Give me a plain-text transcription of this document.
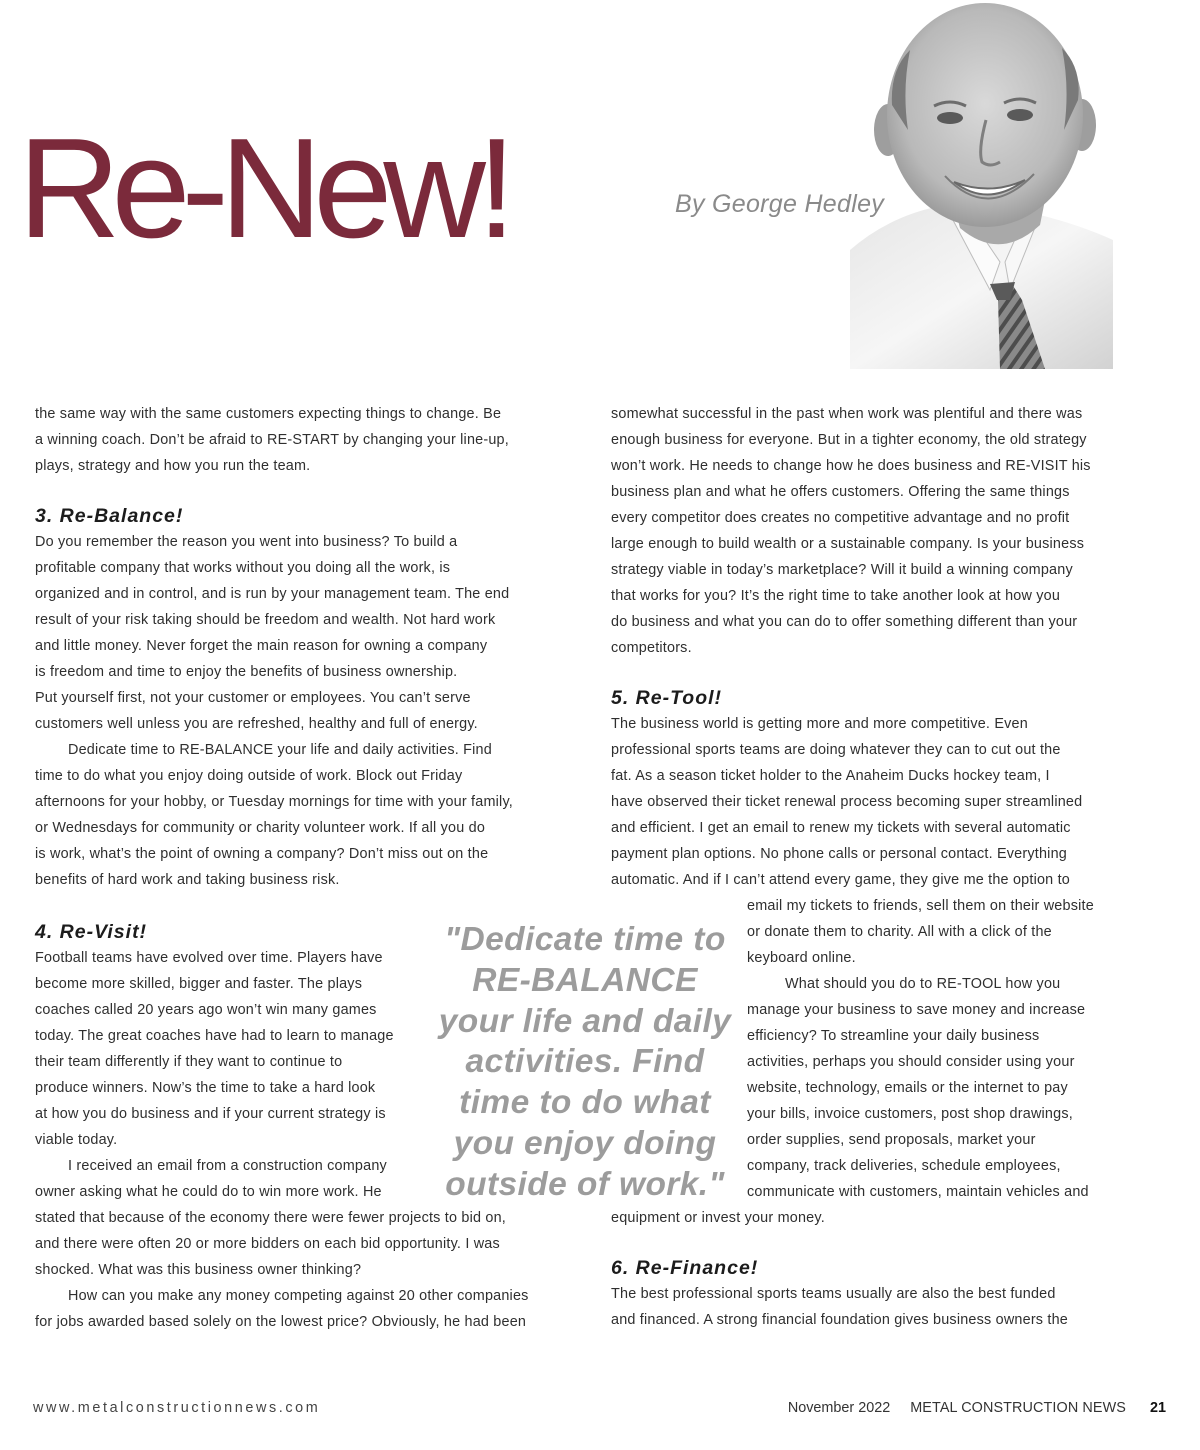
Re-New!	By George Hedley

the same way with the same customers expecting things to change. Be
a winning coach. Don’t be afraid to RE-START by changing your line-up,
plays, strategy and how you run the team.

3. Re-Balance!

Do you remember the reason you went into business? To build a
profitable company that works without you doing all the work, is
organized and in control, and is run by your management team. The end
result of your risk taking should be freedom and wealth. Not hard work
and little money. Never forget the main reason for owning a company
is freedom and time to enjoy the benefits of business ownership.
Put yourself first, not your customer or employees. You can’t serve
customers well unless you are refreshed, healthy and full of energy.

Dedicate time to RE-BALANCE your life and daily activities. Find
time to do what you enjoy doing outside of work. Block out Friday
afternoons for your hobby, or Tuesday mornings for time with your family,
or Wednesdays for community or charity volunteer work. If all you do
is work, what’s the point of owning a company? Don’t miss out on the
benefits of hard work and taking business risk.

4. Re-Visit!

Football teams have evolved over time. Players have
become more skilled, bigger and faster. The plays
coaches called 20 years ago won’t win many games
today. The great coaches have had to learn to manage
their team differently if they want to continue to
produce winners. Now’s the time to take a hard look
at how you do business and if your current strategy is
viable today.

I received an email from a construction company
owner asking what he could do to win more work. He
stated that because of the economy there were fewer projects to bid on,
and there were often 20 or more bidders on each bid opportunity. I was
shocked. What was this business owner thinking?

How can you make any money competing against 20 other companies
for jobs awarded based solely on the lowest price? Obviously, he had been

somewhat successful in the past when work was plentiful and there was
enough business for everyone. But in a tighter economy, the old strategy
won’t work. He needs to change how he does business and RE-VISIT his
business plan and what he offers customers. Offering the same things
every competitor does creates no competitive advantage and no profit
large enough to build wealth or a sustainable company. Is your business
strategy viable in today’s marketplace? Will it build a winning company
that works for you? It’s the right time to take another look at how you
do business and what you can do to offer something different than your
competitors.

5. Re-Tool!

The business world is getting more and more competitive. Even
professional sports teams are doing whatever they can to cut out the
fat. As a season ticket holder to the Anaheim Ducks hockey team, I
have observed their ticket renewal process becoming super streamlined
and efficient. I get an email to renew my tickets with several automatic
payment plan options. No phone calls or personal contact. Everything
automatic. And if I can’t attend every game, they give me the option to
email my tickets to friends, sell them on their website
or donate them to charity. All with a click of the
keyboard online.

What should you do to RE-TOOL how you
manage your business to save money and increase
efficiency? To streamline your daily business
activities, perhaps you should consider using your
website, technology, emails or the internet to pay
your bills, invoice customers, post shop drawings,
order supplies, send proposals, market your
company, track deliveries, schedule employees,
communicate with customers, maintain vehicles and
equipment or invest your money.

6. Re-Finance!

The best professional sports teams usually are also the best funded
and financed. A strong financial foundation gives business owners the

"Dedicate time to RE-BALANCE your life and daily activities. Find time to do what you enjoy doing outside of work."
www.metalconstructionnews.com	November 2022 METAL CONSTRUCTION NEWS 21
